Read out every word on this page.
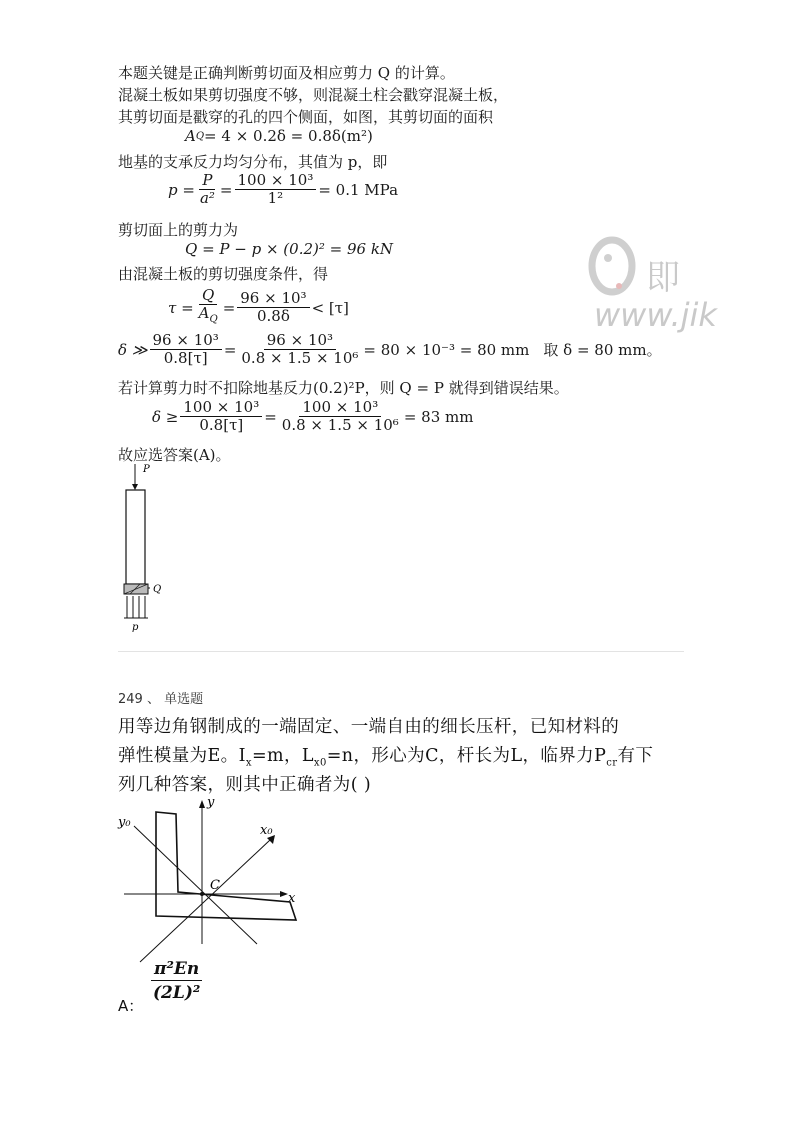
本题关键是正确判断剪切面及相应剪力 Q 的计算。
混凝土板如果剪切强度不够，则混凝土柱会戳穿混凝土板，
其剪切面是戳穿的孔的四个侧面，如图，其剪切面的面积
A Q = 4 × 0.2δ = 0.8δ(m²)
地基的支承反力均匀分布，其值为 p，即
$p = \frac{P}{\text{a²}} = \frac{\text{100 × 10³}}{\text{1²}} = 0.1$ MPa
剪切面上的剪力为
Q = P − p × (0.2)² = 96 kN
由混凝土板的剪切强度条件，得
$\tau = \frac{Q}{A_Q} = \frac{\text{96 × 10³}}{0.8\delta} < [\tau]$
δ ≫ $\frac{\text{96 × 10³}}{0.8[\tau]} = \frac{\text{96 × 10³}}{\text{0.8 × 1.5 × 10⁶}} = 80 \times 10^{-3} = 80$ mm 取 δ = 80 mm。
若计算剪力时不扣除地基反力(0.2)²P，则 Q = P 就得到错误结果。
$\delta \ge \frac{\text{100 × 10³}}{0.8[\tau]} = \frac{\text{100 × 10³}}{\text{0.8 × 1.5 × 10⁶}} = 83$ mm
故应选答案(A)。
P
Q
p
即
www.jik
249 、 单选题
用等边角钢制成的一端固定、一端自由的细长压杆，已知材料的
弹性模量为E。$I_x=m$，$L_{x0}=n$，形心为C，杆长为L，临界力$P_{cr}$有下
列几种答案，则其中正确者为( )
y
x
y₀
x₀
C
A：
$\frac{\text{π²En}}{\text{(2L)²}}$
